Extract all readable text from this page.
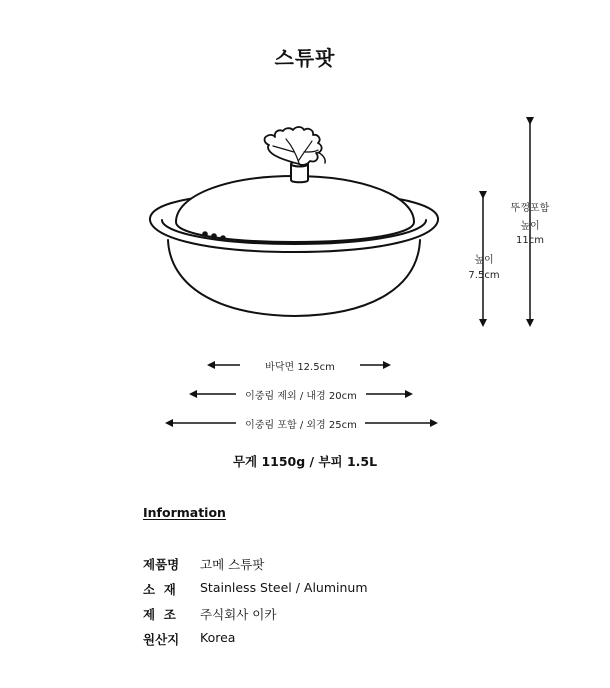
스튜팟
높이
7.5cm
뚜껑포함
높이
11cm
바닥면 12.5cm
이중림 제외 / 내경 20cm
이중림 포함 / 외경 25cm
무게 1150g / 부피 1.5L
Information
제품명	고메 스튜팟
소  재	Stainless Steel / Aluminum
제  조	주식회사 이카
원산지	Korea
